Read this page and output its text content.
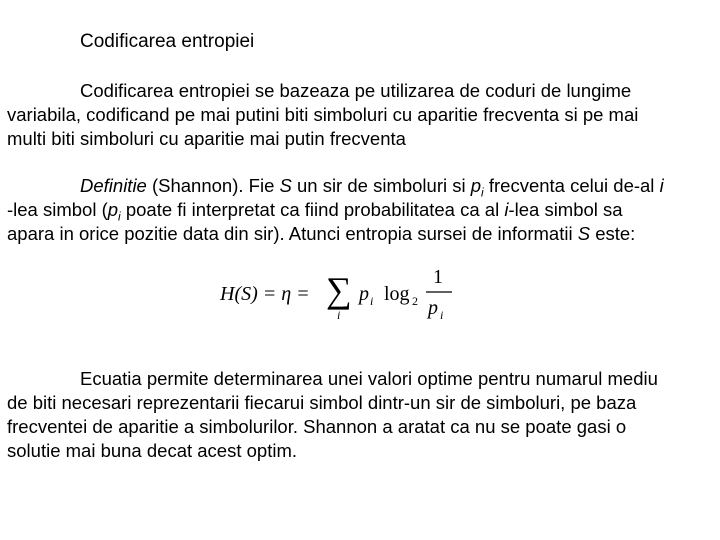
Codificarea entropiei
Codificarea entropiei se bazeaza pe utilizarea de coduri de lungime
variabila, codificand pe mai putini biti simboluri cu aparitie frecventa si pe mai
multi biti simboluri cu aparitie mai putin frecventa
Definitie (Shannon). Fie S un sir de simboluri si $p_i$ frecventa celui de-al i
-lea simbol ($p_i$ poate fi interpretat ca fiind probabilitatea ca al i-lea simbol sa
apara in orice pozitie data din sir). Atunci entropia sursei de informatii S este:
H(S) = η = ∑
i
p i log 2
1
p i
Ecuatia permite determinarea unei valori optime pentru numarul mediu
de biti necesari reprezentarii fiecarui simbol dintr-un sir de simboluri, pe baza
frecventei de aparitie a simbolurilor. Shannon a aratat ca nu se poate gasi o
solutie mai buna decat acest optim.
